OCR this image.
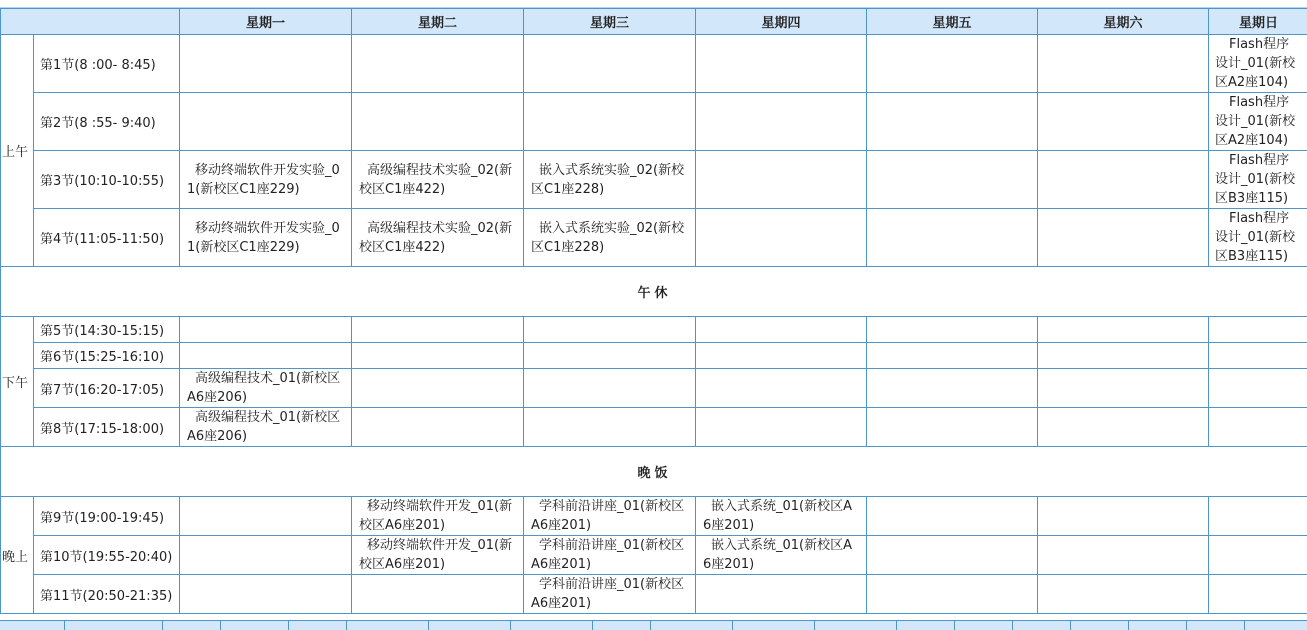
		星期一	星期二	星期三	星期四	星期五	星期六	星期日
上午	第1节(8 :00- 8:45)							Flash程序设计_01(新校区A2座104)
	第2节(8 :55- 9:40)							Flash程序设计_01(新校区A2座104)
	第3节(10:10-10:55)	移动终端软件开发实验_01(新校区C1座229)	高级编程技术实验_02(新校区C1座422)	嵌入式系统实验_02(新校区C1座228)				Flash程序设计_01(新校区B3座115)
	第4节(11:05-11:50)	移动终端软件开发实验_01(新校区C1座229)	高级编程技术实验_02(新校区C1座422)	嵌入式系统实验_02(新校区C1座228)				Flash程序设计_01(新校区B3座115)
午休								
下午	第5节(14:30-15:15)							
	第6节(15:25-16:10)							
	第7节(16:20-17:05)	高级编程技术_01(新校区A6座206)						
	第8节(17:15-18:00)	高级编程技术_01(新校区A6座206)						
晚饭								
晚上	第9节(19:00-19:45)		移动终端软件开发_01(新校区A6座201)	学科前沿讲座_01(新校区A6座201)	嵌入式系统_01(新校区A6座201)			
	第10节(19:55-20:40)		移动终端软件开发_01(新校区A6座201)	学科前沿讲座_01(新校区A6座201)	嵌入式系统_01(新校区A6座201)			
	第11节(20:50-21:35)			学科前沿讲座_01(新校区A6座201)				
